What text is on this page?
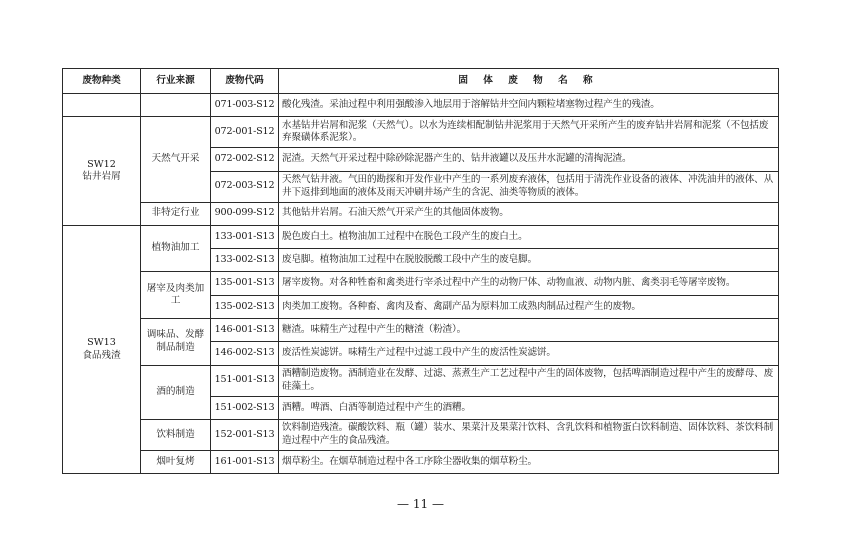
废物种类	行业来源	废物代码	固 体 废 物 名 称
		071-003-S12	酸化残渣。采油过程中利用强酸渗入地层用于溶解钻井空间内颗粒堵塞物过程产生的残渣。

SW12
钻井岩屑	天然气开采	072-001-S12	水基钻井岩屑和泥浆（天然气）。以水为连续相配制钻井泥浆用于天然气开采所产生的废弃钻井岩屑和泥浆（不包括废弃聚磺体系泥浆）。
		072-002-S12	泥渣。天然气开采过程中除砂除泥器产生的、钻井液罐以及压井水泥罐的清掏泥渣。
		072-003-S12	天然气钻井液。气田的勘探和开发作业中产生的一系列废弃液体，包括用于清洗作业设备的液体、冲洗油井的液体、从井下返排到地面的液体及雨天冲刷井场产生的含泥、油类等物质的液体。
	非特定行业	900-099-S12	其他钻井岩屑。石油天然气开采产生的其他固体废物。

SW13
食品残渣	植物油加工	133-001-S13	脱色废白土。植物油加工过程中在脱色工段产生的废白土。
		133-002-S13	废皂脚。植物油加工过程中在脱胶脱酸工段中产生的废皂脚。
	屠宰及肉类加工	135-001-S13	屠宰废物。对各种牲畜和禽类进行宰杀过程中产生的动物尸体、动物血液、动物内脏、禽类羽毛等屠宰废物。
		135-002-S13	肉类加工废物。各种畜、禽肉及畜、禽副产品为原料加工成熟肉制品过程产生的废物。
	调味品、发酵制品制造	146-001-S13	糖渣。味精生产过程中产生的糖渣（粉渣）。
		146-002-S13	废活性炭滤饼。味精生产过程中过滤工段中产生的废活性炭滤饼。
	酒的制造	151-001-S13	酒糟制造废物。酒制造业在发酵、过滤、蒸煮生产工艺过程中产生的固体废物，包括啤酒制造过程中产生的废酵母、废硅藻土。
		151-002-S13	酒糟。啤酒、白酒等制造过程中产生的酒糟。
	饮料制造	152-001-S13	饮料制造残渣。碳酸饮料、瓶（罐）装水、果菜汁及果菜汁饮料、含乳饮料和植物蛋白饮料制造、固体饮料、茶饮料制造过程中产生的食品残渣。
	烟叶复烤	161-001-S13	烟草粉尘。在烟草制造过程中各工序除尘器收集的烟草粉尘。
— 11 —
